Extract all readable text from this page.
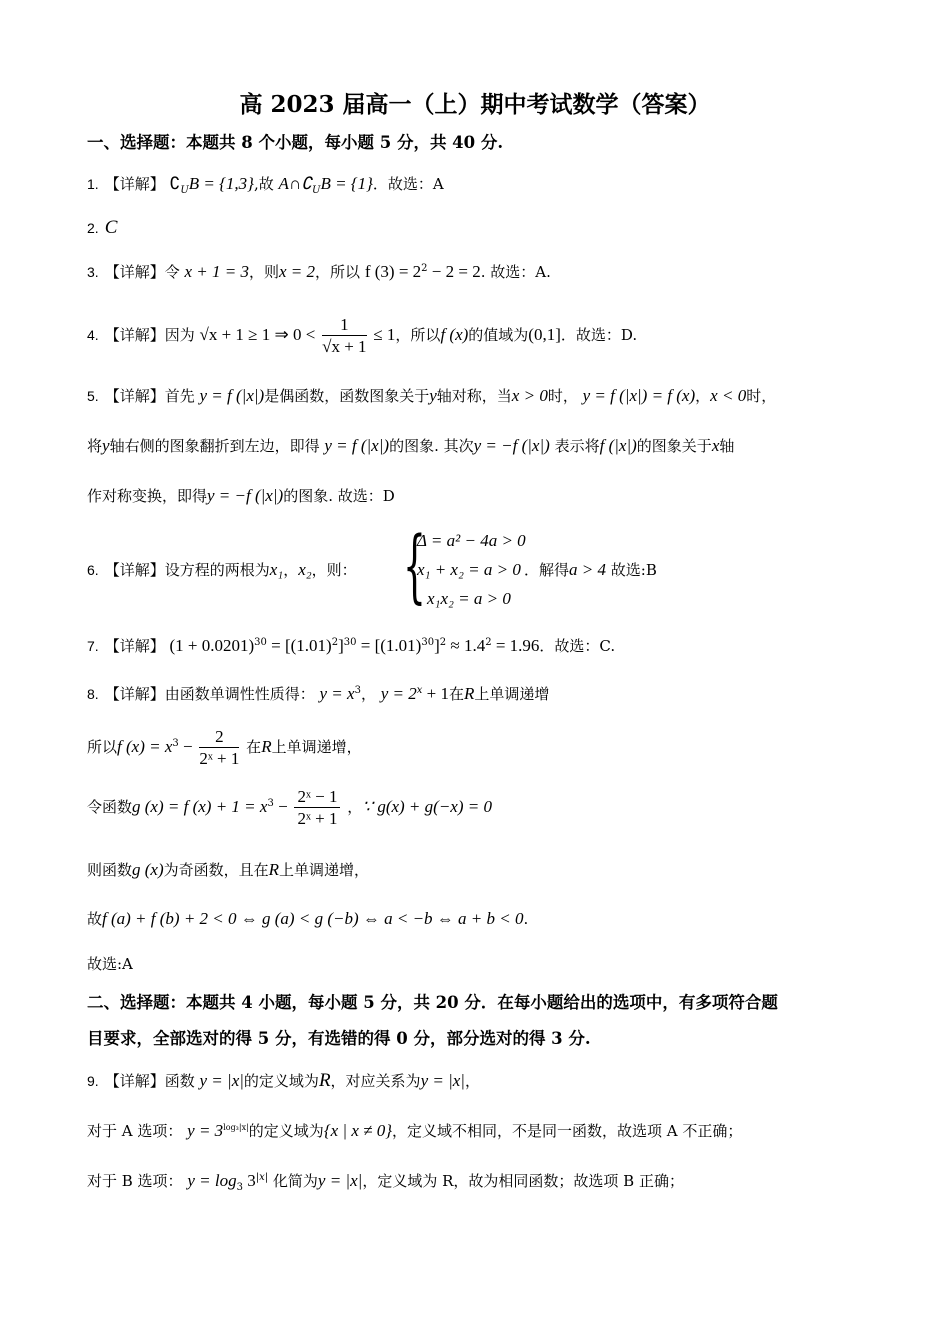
高 2023 届高一（上）期中考试数学（答案）
一、选择题：本题共 8 个小题，每小题 5 分，共 40 分.
1. 【详解】 $∁_UB = \{1,3\}$,故 $A\cap∁_UB = \{1\}$．故选：A
2. C
3. 【详解】令 x + 1 = 3，则x = 2，所以 f $(3) = 2^2 - 2 = 2$. 故选：A.
4. 【详解】因为 √x + 1 ≥ 1 ⇒ $0 < \frac{1}{√x + 1} \le 1$，所以f (x)的值域为(0,1]．故选：D.
5. 【详解】首先 y = f (|x|)是偶函数，函数图象关于y轴对称，当x > 0时， y = f (|x|) = f (x)，x < 0时，
将y轴右侧的图象翻折到左边，即得 y = f (|x|)的图象. 其次y = −f (|x|) 表示将f (|x|)的图象关于x轴
作对称变换，即得y = −f (|x|)的图象. 故选：D
6. 【详解】设方程的两根为x₁，x₂，则： {
Δ = a² − 4a > 0
x₁ + x₂ = a > 0
x₁x₂ = a > 0
．解得a > 4 故选:B
7. 【详解】 $(1 + 0.0201)^{30} = [(1.01)^2]^{30} = [(1.01)^{30}]^2 \approx 1.4^2 = 1.96$．故选：C.
8. 【详解】由函数单调性性质得： $y = x^3$， $y = 2^x + 1$在R上单调递增
所以f $(x) = x^3 - \frac{2}{\text{2ˣ + 1}}$ 在R上单调递增，
令函数g (x) = f $(x) + 1 = x^3 - \frac{\text{2ˣ − 1}}{\text{2ˣ + 1}}$ ，∵ g(x) + g(−x) = 0
则函数g (x)为奇函数，且在R上单调递增，
故f (a) + f (b) + 2 < 0 ⇔ g (a) < g (−b) ⇔ a < −b ⇔ a + b < 0.
故选:A
二、选择题：本题共 4 小题，每小题 5 分，共 20 分．在每小题给出的选项中，有多项符合题
目要求，全部选对的得 5 分，有选错的得 0 分，部分选对的得 3 分.
9. 【详解】函数 y = |x|的定义域为R，对应关系为y = |x|，
对于 A 选项： $y = 3^{log_3|x|}$的定义域为{x | x ≠ 0}，定义域不相同，不是同一函数，故选项 A 不正确；
对于 B 选项： $y = \log_3 3^{|x|}$ 化简为y = |x|，定义域为 R，故为相同函数；故选项 B 正确；
